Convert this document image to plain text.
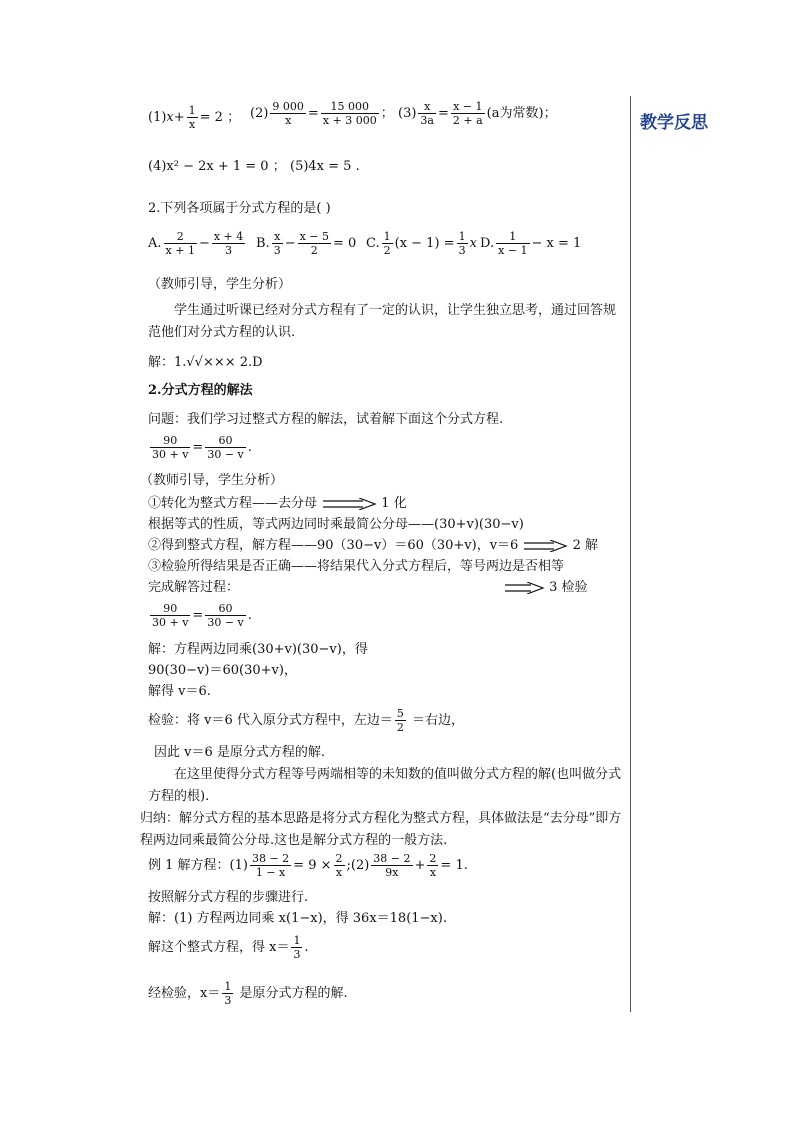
教学反思
$(1)x+ \frac{1}{x} = 2$ ； $(2) \frac{9 000}{x} = \frac{15 000}{x + 3 000}$ ； $(3) \frac{x}{3a} = \frac{x - 1}{2 + a} (a$为常数)；
(4)x² − 2x + 1 = 0 ； (5)4x = 5 .
2.下列各项属于分式方程的是( )
A. $\frac{2}{x + 1} - \frac{x + 4}{3} B$. $\frac{x}{3} - \frac{x - 5}{2} = 0$ C. $\frac{1}{2} (x - 1) = \frac{1}{3}$ x D. $\frac{1}{x - 1} - x = 1$
（教师引导，学生分析）
学生通过听课已经对分式方程有了一定的认识，让学生独立思考，通过回答规范他们对分式方程的认识.
解：1.√√××× 2.D
2.分式方程的解法
问题：我们学习过整式方程的解法，试着解下面这个分式方程.
$\frac{90}{30 + v} = \frac{60}{30 - v}$ .
（教师引导，学生分析）
①转化为整式方程——去分母	1 化
根据等式的性质，等式两边同时乘最简公分母——(30+v)(30−v)
②得到整式方程，解方程——90（30−v）＝60（30+v)，v＝6	2 解
③检验所得结果是否正确——将结果代入分式方程后，等号两边是否相等
完成解答过程：	3 检验
$\frac{90}{30 + v} = \frac{60}{30 - v}$ .
解：方程两边同乘(30+v)(30−v)，得
90(30−v)＝60(30+v)，
解得 v＝6.
检验：将 v＝6 代入原分式方程中，左边＝ $\frac{5}{2}$ ＝右边，
因此 v＝6 是原分式方程的解.
在这里使得分式方程等号两端相等的未知数的值叫做分式方程的解(也叫做分式方程的根).
归纳：解分式方程的基本思路是将分式方程化为整式方程，具体做法是“去分母”即方程两边同乘最简公分母.这也是解分式方程的一般方法.
例 1 解方程：$(1) \frac{38 - 2}{1 - x} = 9 \times \frac{2}{x}$ ;(2) $\frac{38 - 2}{9x} + \frac{2}{x} = 1$.
按照解分式方程的步骤进行.
解：(1) 方程两边同乘 x(1−x)，得 36x＝18(1−x).
解这个整式方程，得 $x= \frac{1}{3}$ .
经检验，$x= \frac{1}{3}$ 是原分式方程的解.
